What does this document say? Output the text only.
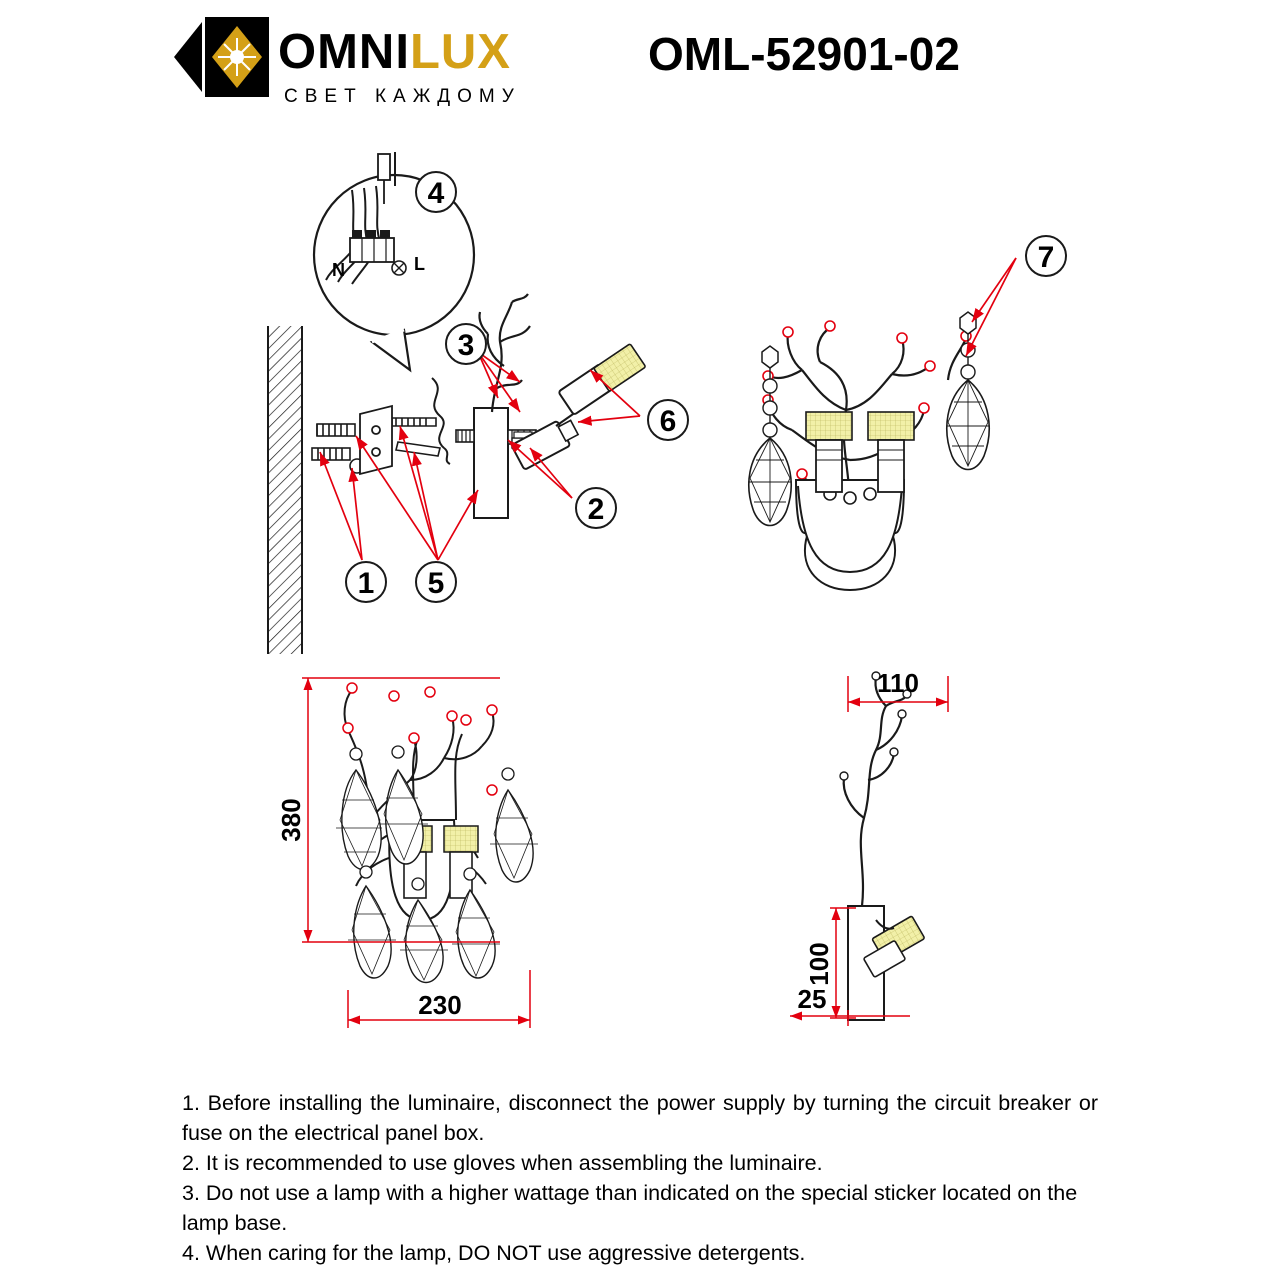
OMNILUX
СВЕТ КАЖДОМУ
OML-52901-02
N	L
1 5
2
6
3
4
7
380
230
110
100
25

1. Before installing the luminaire, disconnect the power supply by turning the circuit breaker or fuse on the electrical panel box.

2. It is recommended to use gloves when assembling the luminaire.

3. Do not use a lamp with a higher wattage than indicated on the special sticker located on the lamp base.

4. When caring for the lamp, DO NOT use aggressive detergents.
